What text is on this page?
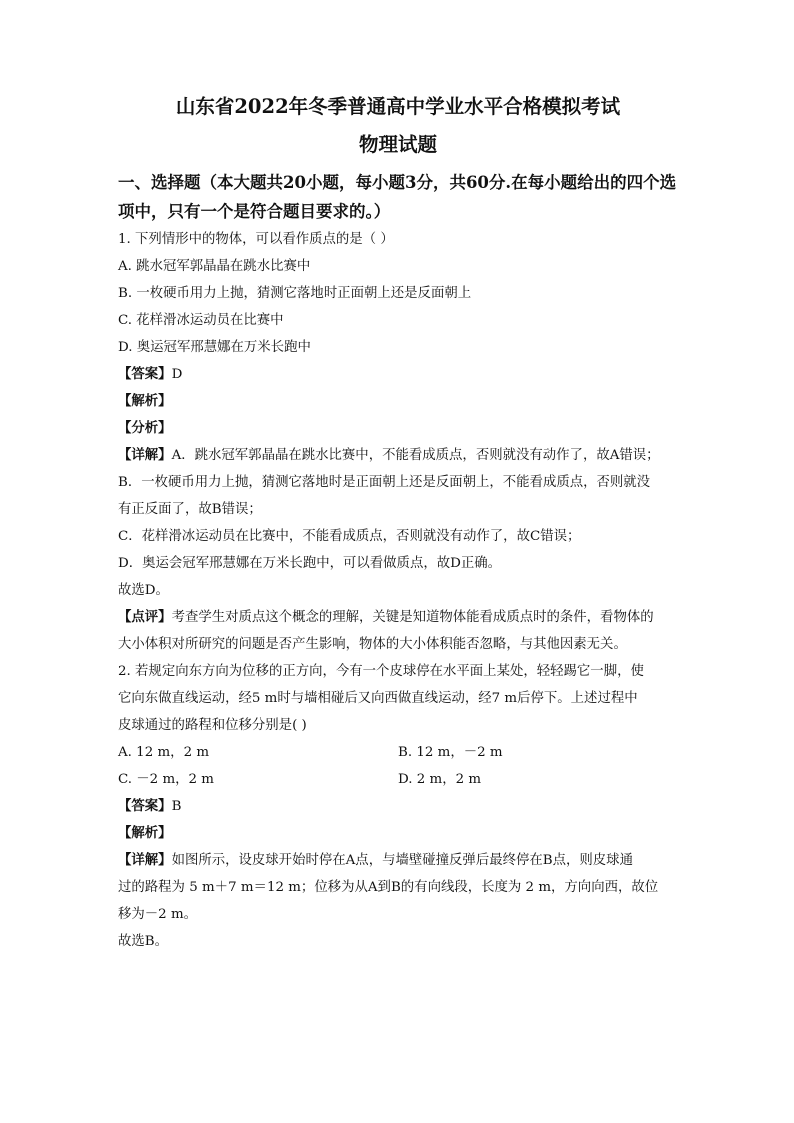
山东省2022年冬季普通高中学业水平合格模拟考试
物理试题
一、选择题（本大题共20小题，每小题3分，共60分.在每小题给出的四个选项中，只有一个是符合题目要求的。）

1. 下列情形中的物体，可以看作质点的是（ ）

A. 跳水冠军郭晶晶在跳水比赛中

B. 一枚硬币用力上抛，猜测它落地时正面朝上还是反面朝上

C. 花样滑冰运动员在比赛中

D. 奥运冠军邢慧娜在万米长跑中

【答案】D

【解析】

【分析】

【详解】A．跳水冠军郭晶晶在跳水比赛中，不能看成质点，否则就没有动作了，故A错误；

B．一枚硬币用力上抛，猜测它落地时是正面朝上还是反面朝上，不能看成质点，否则就没

有正反面了，故B错误；

C．花样滑冰运动员在比赛中，不能看成质点，否则就没有动作了，故C错误；

D．奥运会冠军邢慧娜在万米长跑中，可以看做质点，故D正确。

故选D。

【点评】考查学生对质点这个概念的理解，关键是知道物体能看成质点时的条件，看物体的

大小体积对所研究的问题是否产生影响，物体的大小体积能否忽略，与其他因素无关。

2. 若规定向东方向为位移的正方向，今有一个皮球停在水平面上某处，轻轻踢它一脚，使

它向东做直线运动，经5 m时与墙相碰后又向西做直线运动，经7 m后停下。上述过程中

皮球通过的路程和位移分别是( )

A. 12 m，2 m	B. 12 m，－2 m
C. －2 m，2 m	D. 2 m，2 m

【答案】B

【解析】

【详解】如图所示，设皮球开始时停在A点，与墙壁碰撞反弹后最终停在B点，则皮球通

过的路程为 5 m＋7 m＝12 m；位移为从A到B的有向线段，长度为 2 m，方向向西，故位

移为－2 m。

故选B。
